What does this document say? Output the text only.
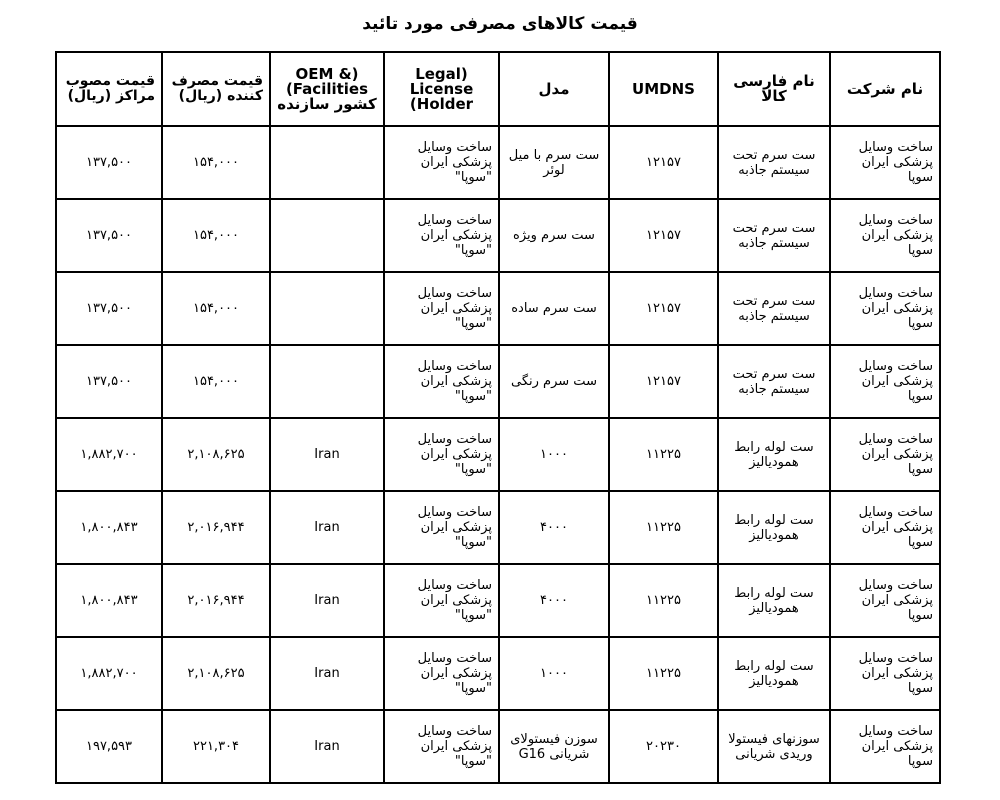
قیمت کالاهای مصرفی مورد تائید
نام شرکت	نام فارسی کالا	UMDNS	مدل	Legal) License (Holder	OEM &) (Facilities کشور سازنده	قیمت مصرف کننده (ریال)	قیمت مصوب مراکز (ریال)
ساخت وسایل پزشکی ایران سوپا	ست سرم تحت سیستم جاذبه	۱۲۱۵۷	ست سرم با میل لوئر	ساخت وسایل پزشکی ایران "سوپا"		۱۵۴,۰۰۰	۱۳۷,۵۰۰
ساخت وسایل پزشکی ایران سوپا	ست سرم تحت سیستم جاذبه	۱۲۱۵۷	ست سرم ویژه	ساخت وسایل پزشکی ایران "سوپا"		۱۵۴,۰۰۰	۱۳۷,۵۰۰
ساخت وسایل پزشکی ایران سوپا	ست سرم تحت سیستم جاذبه	۱۲۱۵۷	ست سرم ساده	ساخت وسایل پزشکی ایران "سوپا"		۱۵۴,۰۰۰	۱۳۷,۵۰۰
ساخت وسایل پزشکی ایران سوپا	ست سرم تحت سیستم جاذبه	۱۲۱۵۷	ست سرم رنگی	ساخت وسایل پزشکی ایران "سوپا"		۱۵۴,۰۰۰	۱۳۷,۵۰۰
ساخت وسایل پزشکی ایران سوپا	ست لوله رابط همودیالیز	۱۱۲۲۵	۱۰۰۰	ساخت وسایل پزشکی ایران "سوپا"	Iran	۲,۱۰۸,۶۲۵	۱,۸۸۲,۷۰۰
ساخت وسایل پزشکی ایران سوپا	ست لوله رابط همودیالیز	۱۱۲۲۵	۴۰۰۰	ساخت وسایل پزشکی ایران "سوپا"	Iran	۲,۰۱۶,۹۴۴	۱,۸۰۰,۸۴۳
ساخت وسایل پزشکی ایران سوپا	ست لوله رابط همودیالیز	۱۱۲۲۵	۴۰۰۰	ساخت وسایل پزشکی ایران "سوپا"	Iran	۲,۰۱۶,۹۴۴	۱,۸۰۰,۸۴۳
ساخت وسایل پزشکی ایران سوپا	ست لوله رابط همودیالیز	۱۱۲۲۵	۱۰۰۰	ساخت وسایل پزشکی ایران "سوپا"	Iran	۲,۱۰۸,۶۲۵	۱,۸۸۲,۷۰۰
ساخت وسایل پزشکی ایران سوپا	سوزنهای فیستولا وریدی شریانی	۲۰۲۳۰	سوزن فیستولای شریانی G16	ساخت وسایل پزشکی ایران "سوپا"	Iran	۲۲۱,۳۰۴	۱۹۷,۵۹۳
